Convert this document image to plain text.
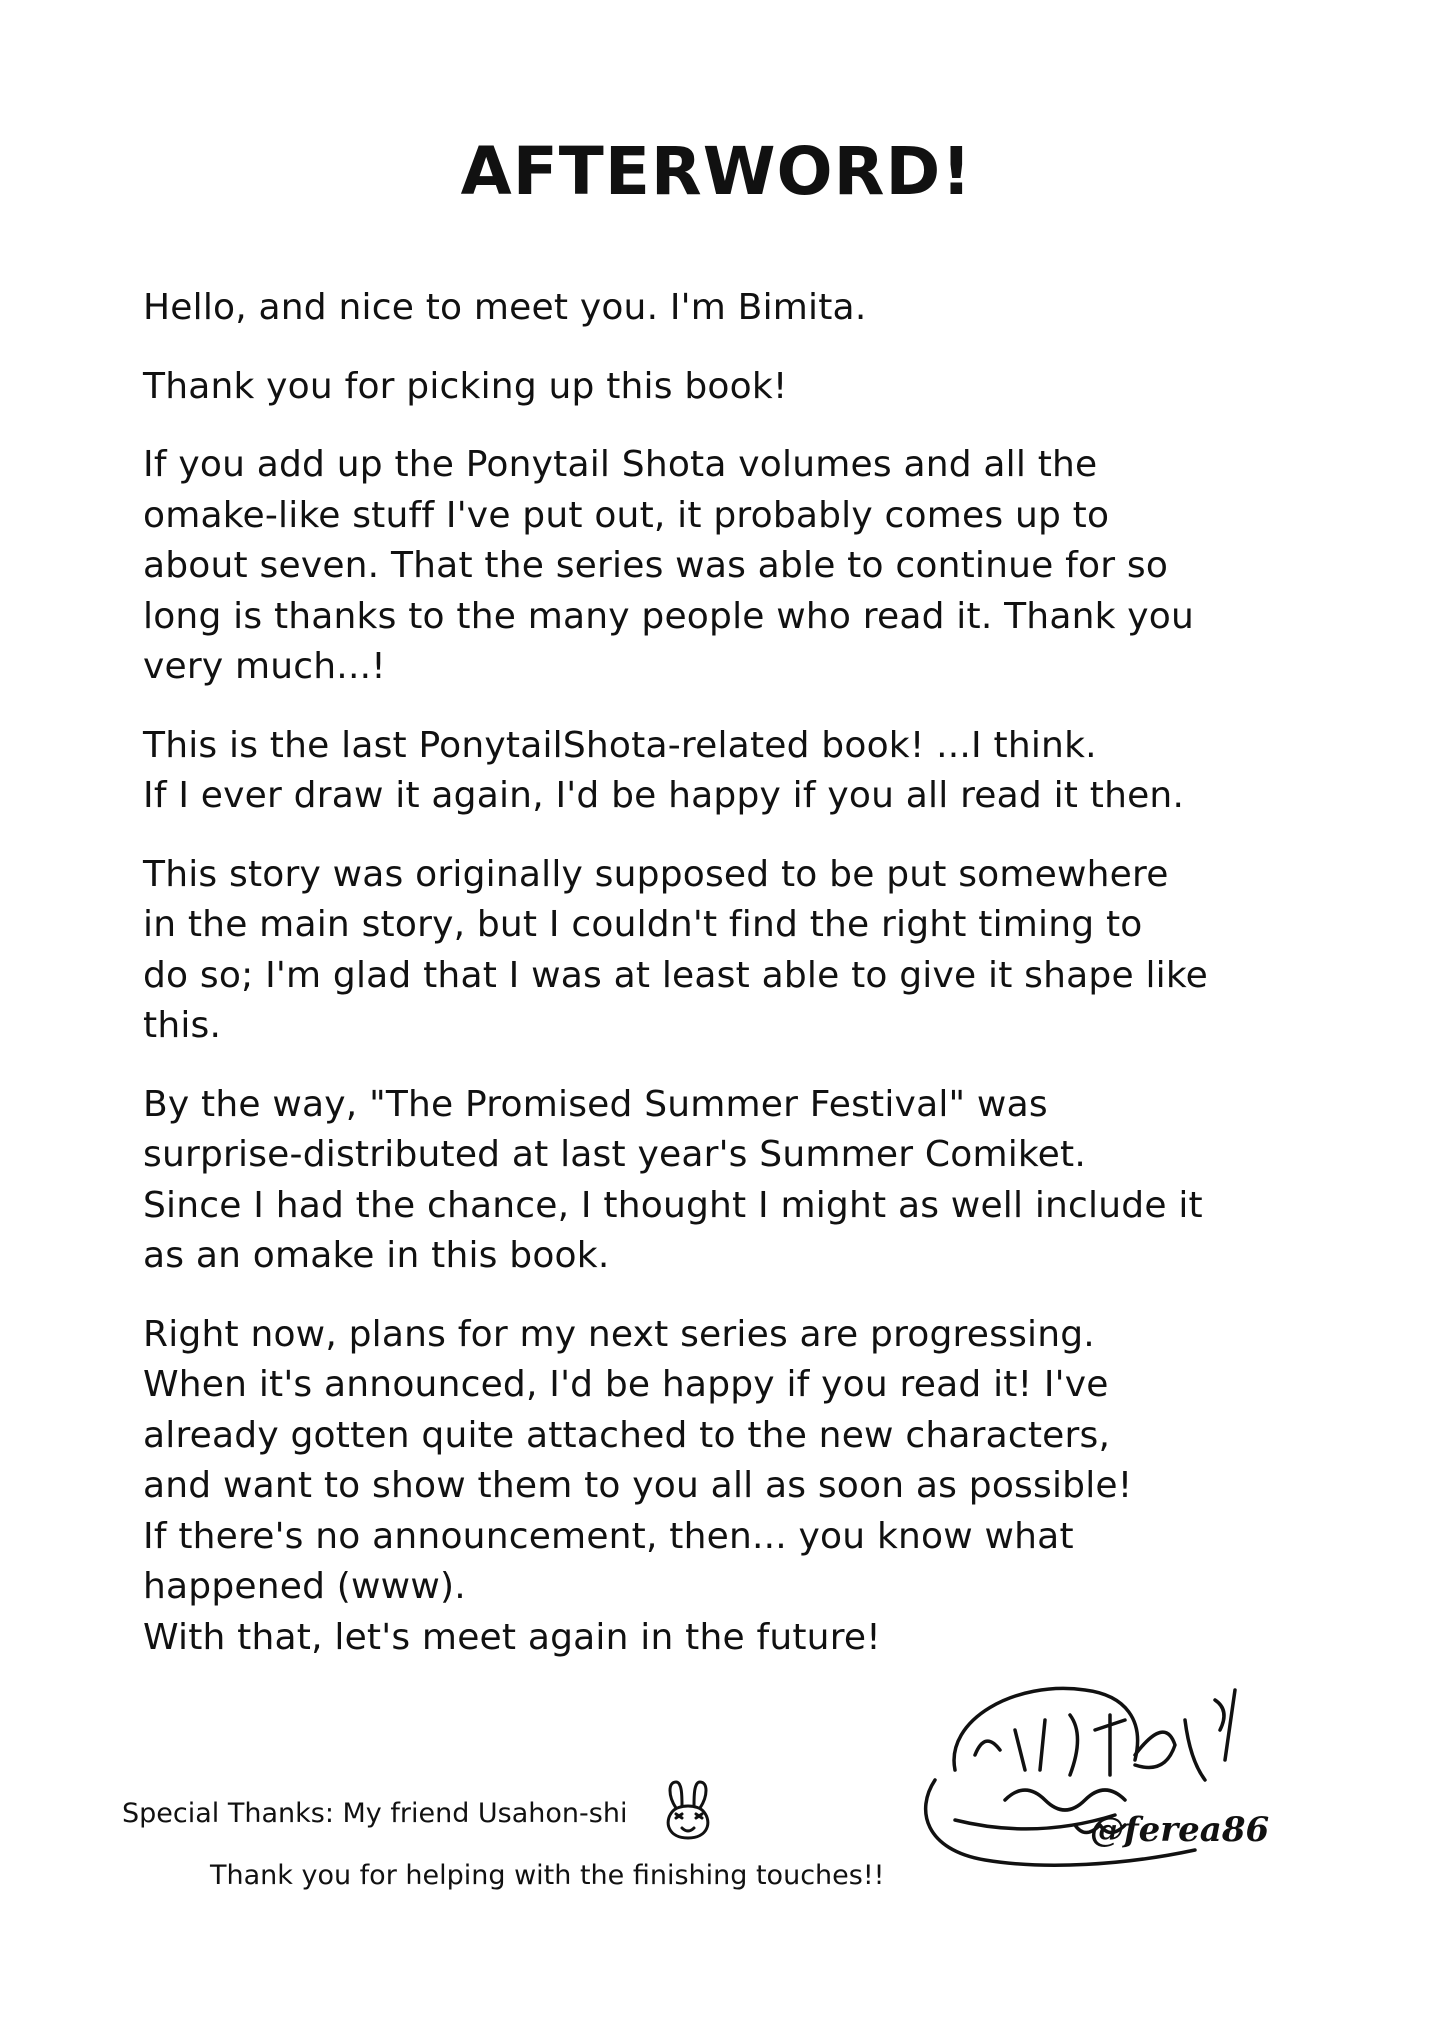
AFTERWORD!

Hello, and nice to meet you. I'm Bimita.

Thank you for picking up this book!

If you add up the Ponytail Shota volumes and all the
omake-like stuff I've put out, it probably comes up to
about seven. That the series was able to continue for so
long is thanks to the many people who read it. Thank you
very much...!

This is the last PonytailShota-related book! ...I think.
If I ever draw it again, I'd be happy if you all read it then.

This story was originally supposed to be put somewhere
in the main story, but I couldn't find the right timing to
do so; I'm glad that I was at least able to give it shape like
this.

By the way, "The Promised Summer Festival" was
surprise-distributed at last year's Summer Comiket.
Since I had the chance, I thought I might as well include it
as an omake in this book.

Right now, plans for my next series are progressing.
When it's announced, I'd be happy if you read it! I've
already gotten quite attached to the new characters,
and want to show them to you all as soon as possible!
If there's no announcement, then... you know what
happened (www).
With that, let's meet again in the future!

@ferea86
Special Thanks: My friend Usahon-shi
Thank you for helping with the finishing touches!!
